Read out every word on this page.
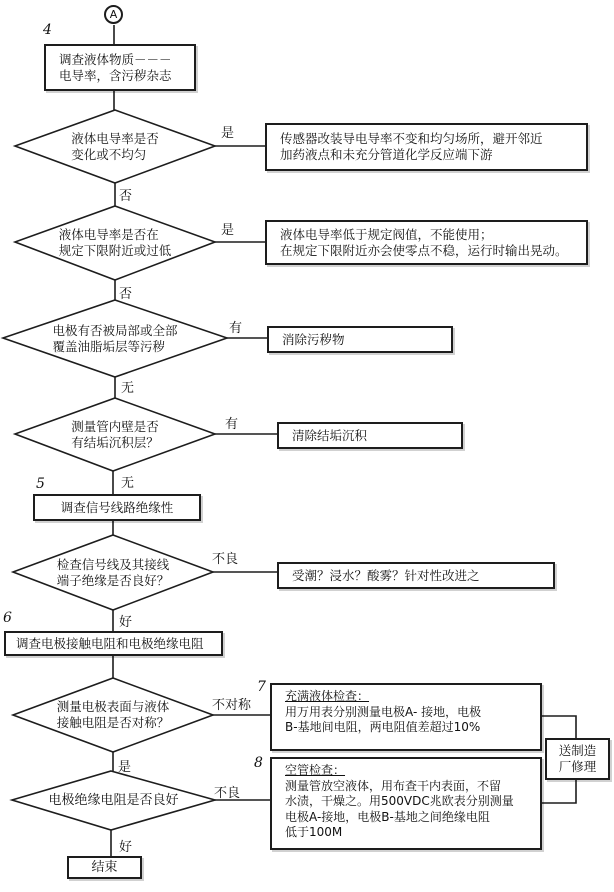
A
4
5
6
7
8
调查液体物质－－－
电导率，含污秽杂志
液体电导率是否
变化或不均匀
是
否
传感器改装导电导率不变和均匀场所，避开邻近
加药液点和未充分管道化学反应端下游
液体电导率是否在
规定下限附近或过低
是
否
液体电导率低于规定阀值，不能使用；
在规定下限附近亦会使零点不稳，运行时输出晃动。
电极有否被局部或全部
覆盖油脂垢层等污秽
有
无
消除污秽物
测量管内壁是否
有结垢沉积层？
有
无
清除结垢沉积
调查信号线路绝缘性
检查信号线及其接线
端子绝缘是否良好？
不良
好
受潮？浸水？酸雾？针对性改进之
调查电极接触电阻和电极绝缘电阻
测量电极表面与液体
接触电阻是否对称？
不对称
是
充满液体检查：
用万用表分别测量电极A- 接地，电极
B-基地间电阻，两电阻值差超过10%
电极绝缘电阻是否良好	不良
好
空管检查：
测量管放空液体，用布查干内表面，不留
水渍，干燥之。用500VDC兆欧表分别测量
电极A-接地，电极B-基地之间绝缘电阻
低于100M
送制造
厂修理
结束
